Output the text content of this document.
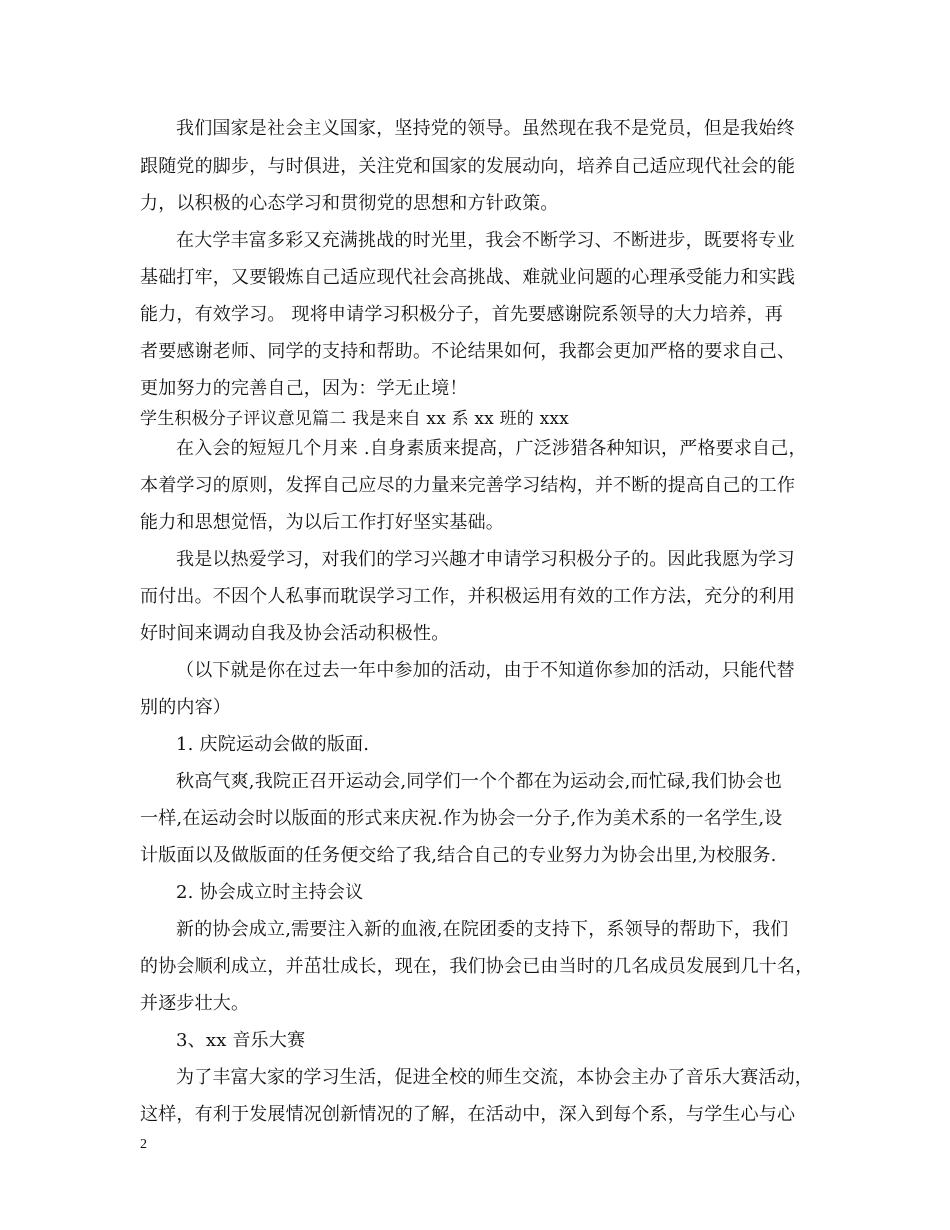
我们国家是社会主义国家，坚持党的领导。虽然现在我不是党员，但是我始终
跟随党的脚步，与时俱进，关注党和国家的发展动向，培养自己适应现代社会的能
力，以积极的心态学习和贯彻党的思想和方针政策。
在大学丰富多彩又充满挑战的时光里，我会不断学习、不断进步，既要将专业
基础打牢，又要锻炼自己适应现代社会高挑战、难就业问题的心理承受能力和实践
能力，有效学习。 现将申请学习积极分子，首先要感谢院系领导的大力培养，再
者要感谢老师、同学的支持和帮助。不论结果如何，我都会更加严格的要求自己、
更加努力的完善自己，因为：学无止境！
学生积极分子评议意见篇二 我是来自 xx 系 xx 班的 xxx
在入会的短短几个月来 .自身素质来提高，广泛涉猎各种知识，严格要求自己，
本着学习的原则，发挥自己应尽的力量来完善学习结构，并不断的提高自己的工作
能力和思想觉悟，为以后工作打好坚实基础。
我是以热爱学习，对我们的学习兴趣才申请学习积极分子的。因此我愿为学习
而付出。不因个人私事而耽误学习工作，并积极运用有效的工作方法，充分的利用
好时间来调动自我及协会活动积极性。
（以下就是你在过去一年中参加的活动，由于不知道你参加的活动，只能代替
别的内容）
1. 庆院运动会做的版面.
秋高气爽,我院正召开运动会,同学们一个个都在为运动会,而忙碌,我们协会也
一样,在运动会时以版面的形式来庆祝.作为协会一分子,作为美术系的一名学生,设
计版面以及做版面的任务便交给了我,结合自己的专业努力为协会出里,为校服务.
2. 协会成立时主持会议
新的协会成立,需要注入新的血液,在院团委的支持下，系领导的帮助下，我们
的协会顺利成立，并茁壮成长，现在，我们协会已由当时的几名成员发展到几十名，
并逐步壮大。
3、xx 音乐大赛
为了丰富大家的学习生活，促进全校的师生交流，本协会主办了音乐大赛活动，
这样，有利于发展情况创新情况的了解，在活动中，深入到每个系，与学生心与心
2
